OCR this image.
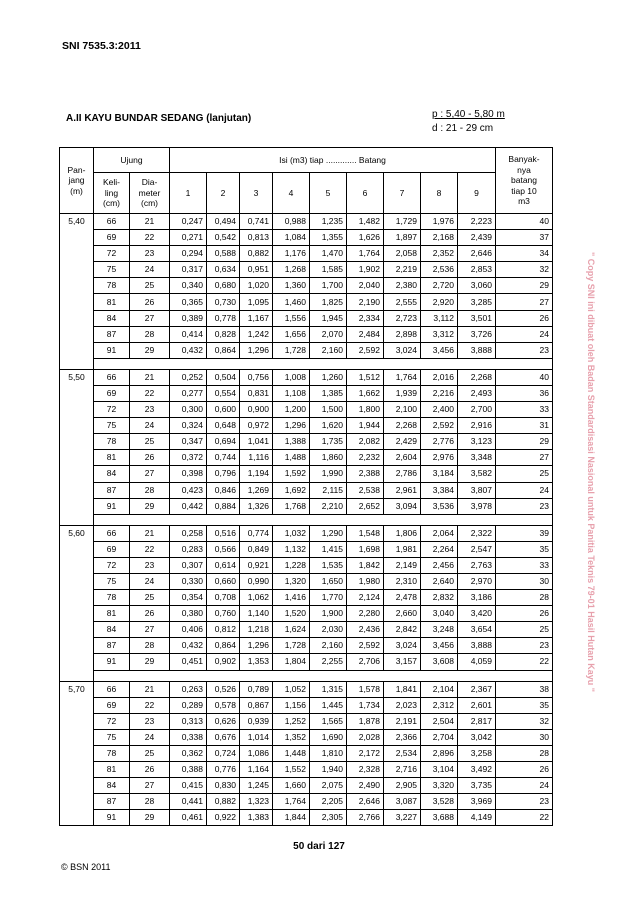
SNI 7535.3:2011
A.II KAYU BUNDAR SEDANG (lanjutan)	p : 5,40 - 5,80 m
d : 21 - 29 cm
" Copy SNI ini dibuat oleh Badan Standardisasi Nasional untuk Panitia Teknis 79-01 Hasil Hutan Kayu "
Pan-
jang
(m)	Ujung		Isi (m3) tiap ............. Batang									Banyak-
nya
batang
tiap 10
m3
	Keli-
ling
(cm)	Dia-
meter
(cm)	1	2	3	4	5	6	7	8	9	
5,40	66	21	0,247	0,494	0,741	0,988	1,235	1,482	1,729	1,976	2,223	40
	69	22	0,271	0,542	0,813	1,084	1,355	1,626	1,897	2,168	2,439	37
	72	23	0,294	0,588	0,882	1,176	1,470	1,764	2,058	2,352	2,646	34
	75	24	0,317	0,634	0,951	1,268	1,585	1,902	2,219	2,536	2,853	32
	78	25	0,340	0,680	1,020	1,360	1,700	2,040	2,380	2,720	3,060	29
	81	26	0,365	0,730	1,095	1,460	1,825	2,190	2,555	2,920	3,285	27
	84	27	0,389	0,778	1,167	1,556	1,945	2,334	2,723	3,112	3,501	26
	87	28	0,414	0,828	1,242	1,656	2,070	2,484	2,898	3,312	3,726	24
	91	29	0,432	0,864	1,296	1,728	2,160	2,592	3,024	3,456	3,888	23

5,50	66	21	0,252	0,504	0,756	1,008	1,260	1,512	1,764	2,016	2,268	40
	69	22	0,277	0,554	0,831	1,108	1,385	1,662	1,939	2,216	2,493	36
	72	23	0,300	0,600	0,900	1,200	1,500	1,800	2,100	2,400	2,700	33
	75	24	0,324	0,648	0,972	1,296	1,620	1,944	2,268	2,592	2,916	31
	78	25	0,347	0,694	1,041	1,388	1,735	2,082	2,429	2,776	3,123	29
	81	26	0,372	0,744	1,116	1,488	1,860	2,232	2,604	2,976	3,348	27
	84	27	0,398	0,796	1,194	1,592	1,990	2,388	2,786	3,184	3,582	25
	87	28	0,423	0,846	1,269	1,692	2,115	2,538	2,961	3,384	3,807	24
	91	29	0,442	0,884	1,326	1,768	2,210	2,652	3,094	3,536	3,978	23

5,60	66	21	0,258	0,516	0,774	1,032	1,290	1,548	1,806	2,064	2,322	39
	69	22	0,283	0,566	0,849	1,132	1,415	1,698	1,981	2,264	2,547	35
	72	23	0,307	0,614	0,921	1,228	1,535	1,842	2,149	2,456	2,763	33
	75	24	0,330	0,660	0,990	1,320	1,650	1,980	2,310	2,640	2,970	30
	78	25	0,354	0,708	1,062	1,416	1,770	2,124	2,478	2,832	3,186	28
	81	26	0,380	0,760	1,140	1,520	1,900	2,280	2,660	3,040	3,420	26
	84	27	0,406	0,812	1,218	1,624	2,030	2,436	2,842	3,248	3,654	25
	87	28	0,432	0,864	1,296	1,728	2,160	2,592	3,024	3,456	3,888	23
	91	29	0,451	0,902	1,353	1,804	2,255	2,706	3,157	3,608	4,059	22

5,70	66	21	0,263	0,526	0,789	1,052	1,315	1,578	1,841	2,104	2,367	38
	69	22	0,289	0,578	0,867	1,156	1,445	1,734	2,023	2,312	2,601	35
	72	23	0,313	0,626	0,939	1,252	1,565	1,878	2,191	2,504	2,817	32
	75	24	0,338	0,676	1,014	1,352	1,690	2,028	2,366	2,704	3,042	30
	78	25	0,362	0,724	1,086	1,448	1,810	2,172	2,534	2,896	3,258	28
	81	26	0,388	0,776	1,164	1,552	1,940	2,328	2,716	3,104	3,492	26
	84	27	0,415	0,830	1,245	1,660	2,075	2,490	2,905	3,320	3,735	24
	87	28	0,441	0,882	1,323	1,764	2,205	2,646	3,087	3,528	3,969	23
	91	29	0,461	0,922	1,383	1,844	2,305	2,766	3,227	3,688	4,149	22
50 dari 127
© BSN 2011
